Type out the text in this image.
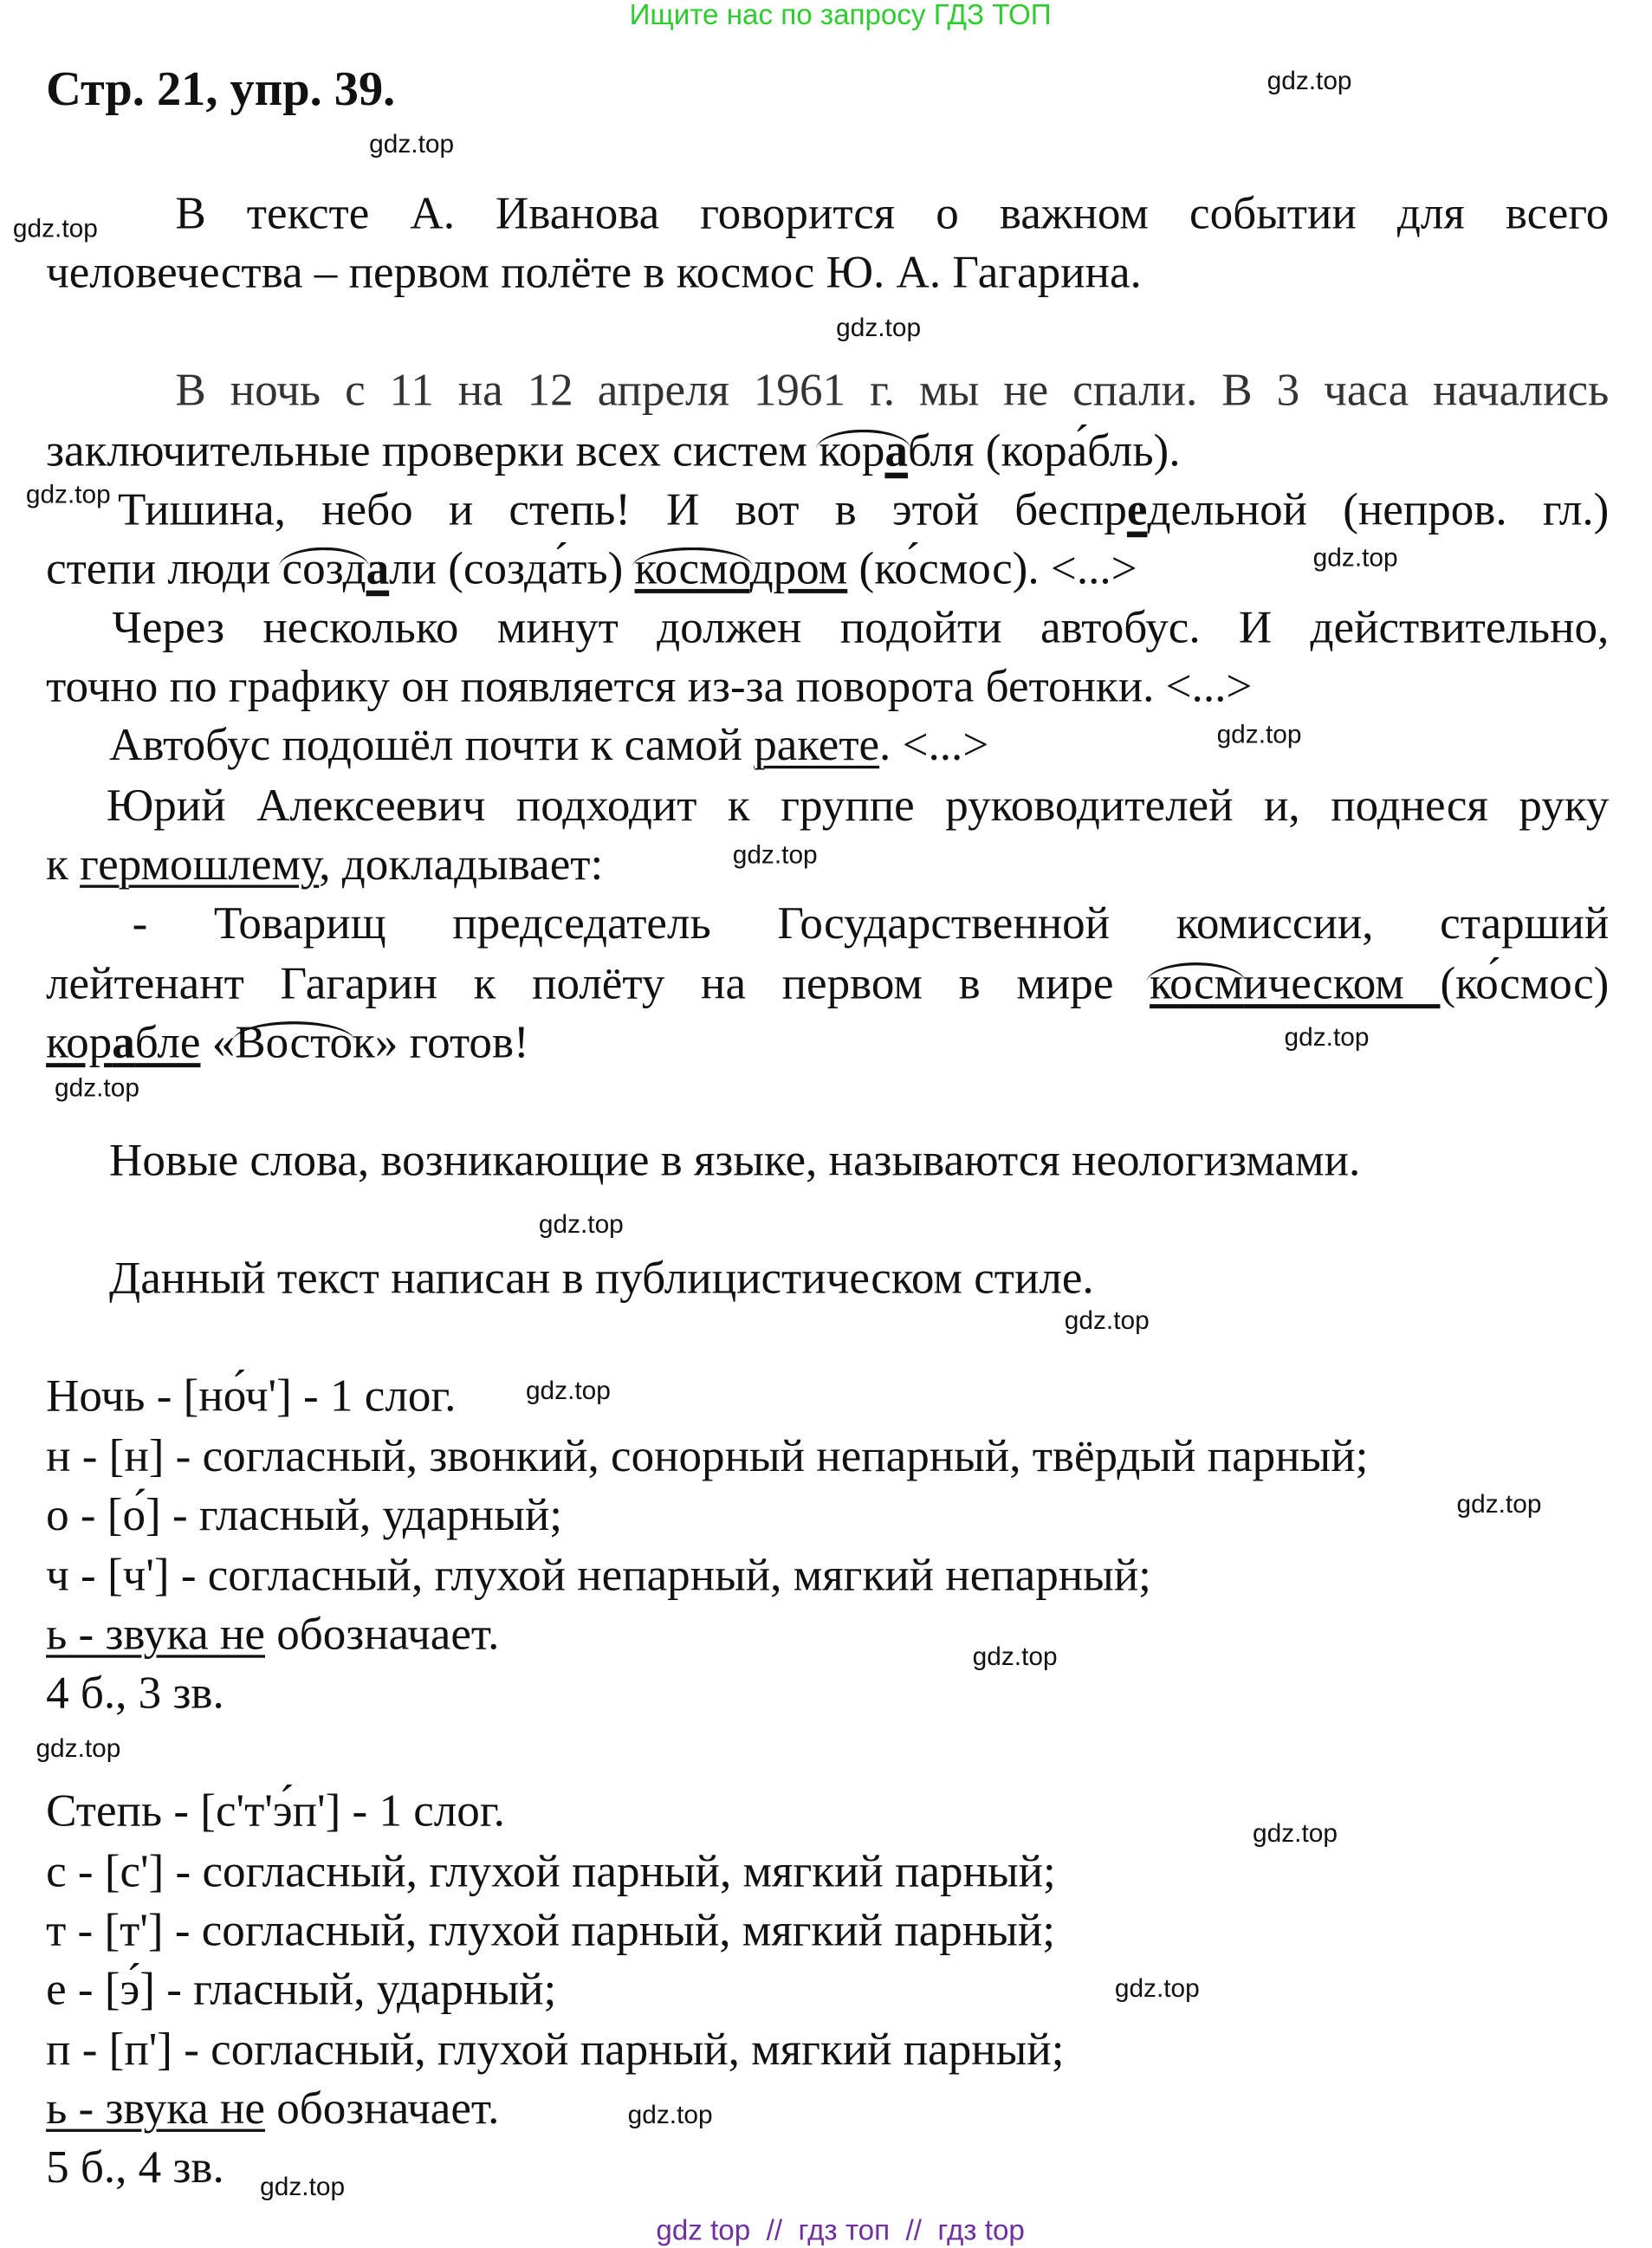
Ищите нас по запросу ГДЗ ТОП
Стр. 21, упр. 39.
В тексте А. Иванова говорится о важном событии для всего
человечества – первом полёте в космос Ю. А. Гагарина.
В ночь с 11 на 12 апреля 1961 г. мы не спали. В 3 часа начались
заключительные проверки всех систем корабля (кора́бль).
Тишина, небо и степь! И вот в этой беспредельной (непров. гл.)
степи люди создали (созда́ть) космодром (ко́смос). <...>
Через несколько минут должен подойти автобус. И действительно,
точно по графику он появляется из-за поворота бетонки. <...>
Автобус подошёл почти к самой ракете. <...>
Юрий Алексеевич подходит к группе руководителей и, поднеся руку
к гермошлему, докладывает:
- Товарищ председатель Государственной комиссии, старший
лейтенант Гагарин к полёту на первом в мире космическом (ко́смос)
корабле «Восток» готов!
Новые слова, возникающие в языке, называются неологизмами.
Данный текст написан в публицистическом стиле.
Ночь - [но́ч'] - 1 слог.
н - [н] - согласный, звонкий, сонорный непарный, твёрдый парный;
о - [о́] - гласный, ударный;
ч - [ч'] - согласный, глухой непарный, мягкий непарный;
ь - звука не обозначает.
4 б., 3 зв.
Степь - [с'т'э́п'] - 1 слог.
с - [с'] - согласный, глухой парный, мягкий парный;
т - [т'] - согласный, глухой парный, мягкий парный;
е - [э́] - гласный, ударный;
п - [п'] - согласный, глухой парный, мягкий парный;
ь - звука не обозначает.
5 б., 4 зв.
gdz.top
gdz.top
gdz.top
gdz.top
gdz.top
gdz.top
gdz.top
gdz.top
gdz.top
gdz.top
gdz.top
gdz.top
gdz.top
gdz.top
gdz.top
gdz.top
gdz.top
gdz.top
gdz.top
gdz.top
gdz top  //  гдз топ  //  гдз top
